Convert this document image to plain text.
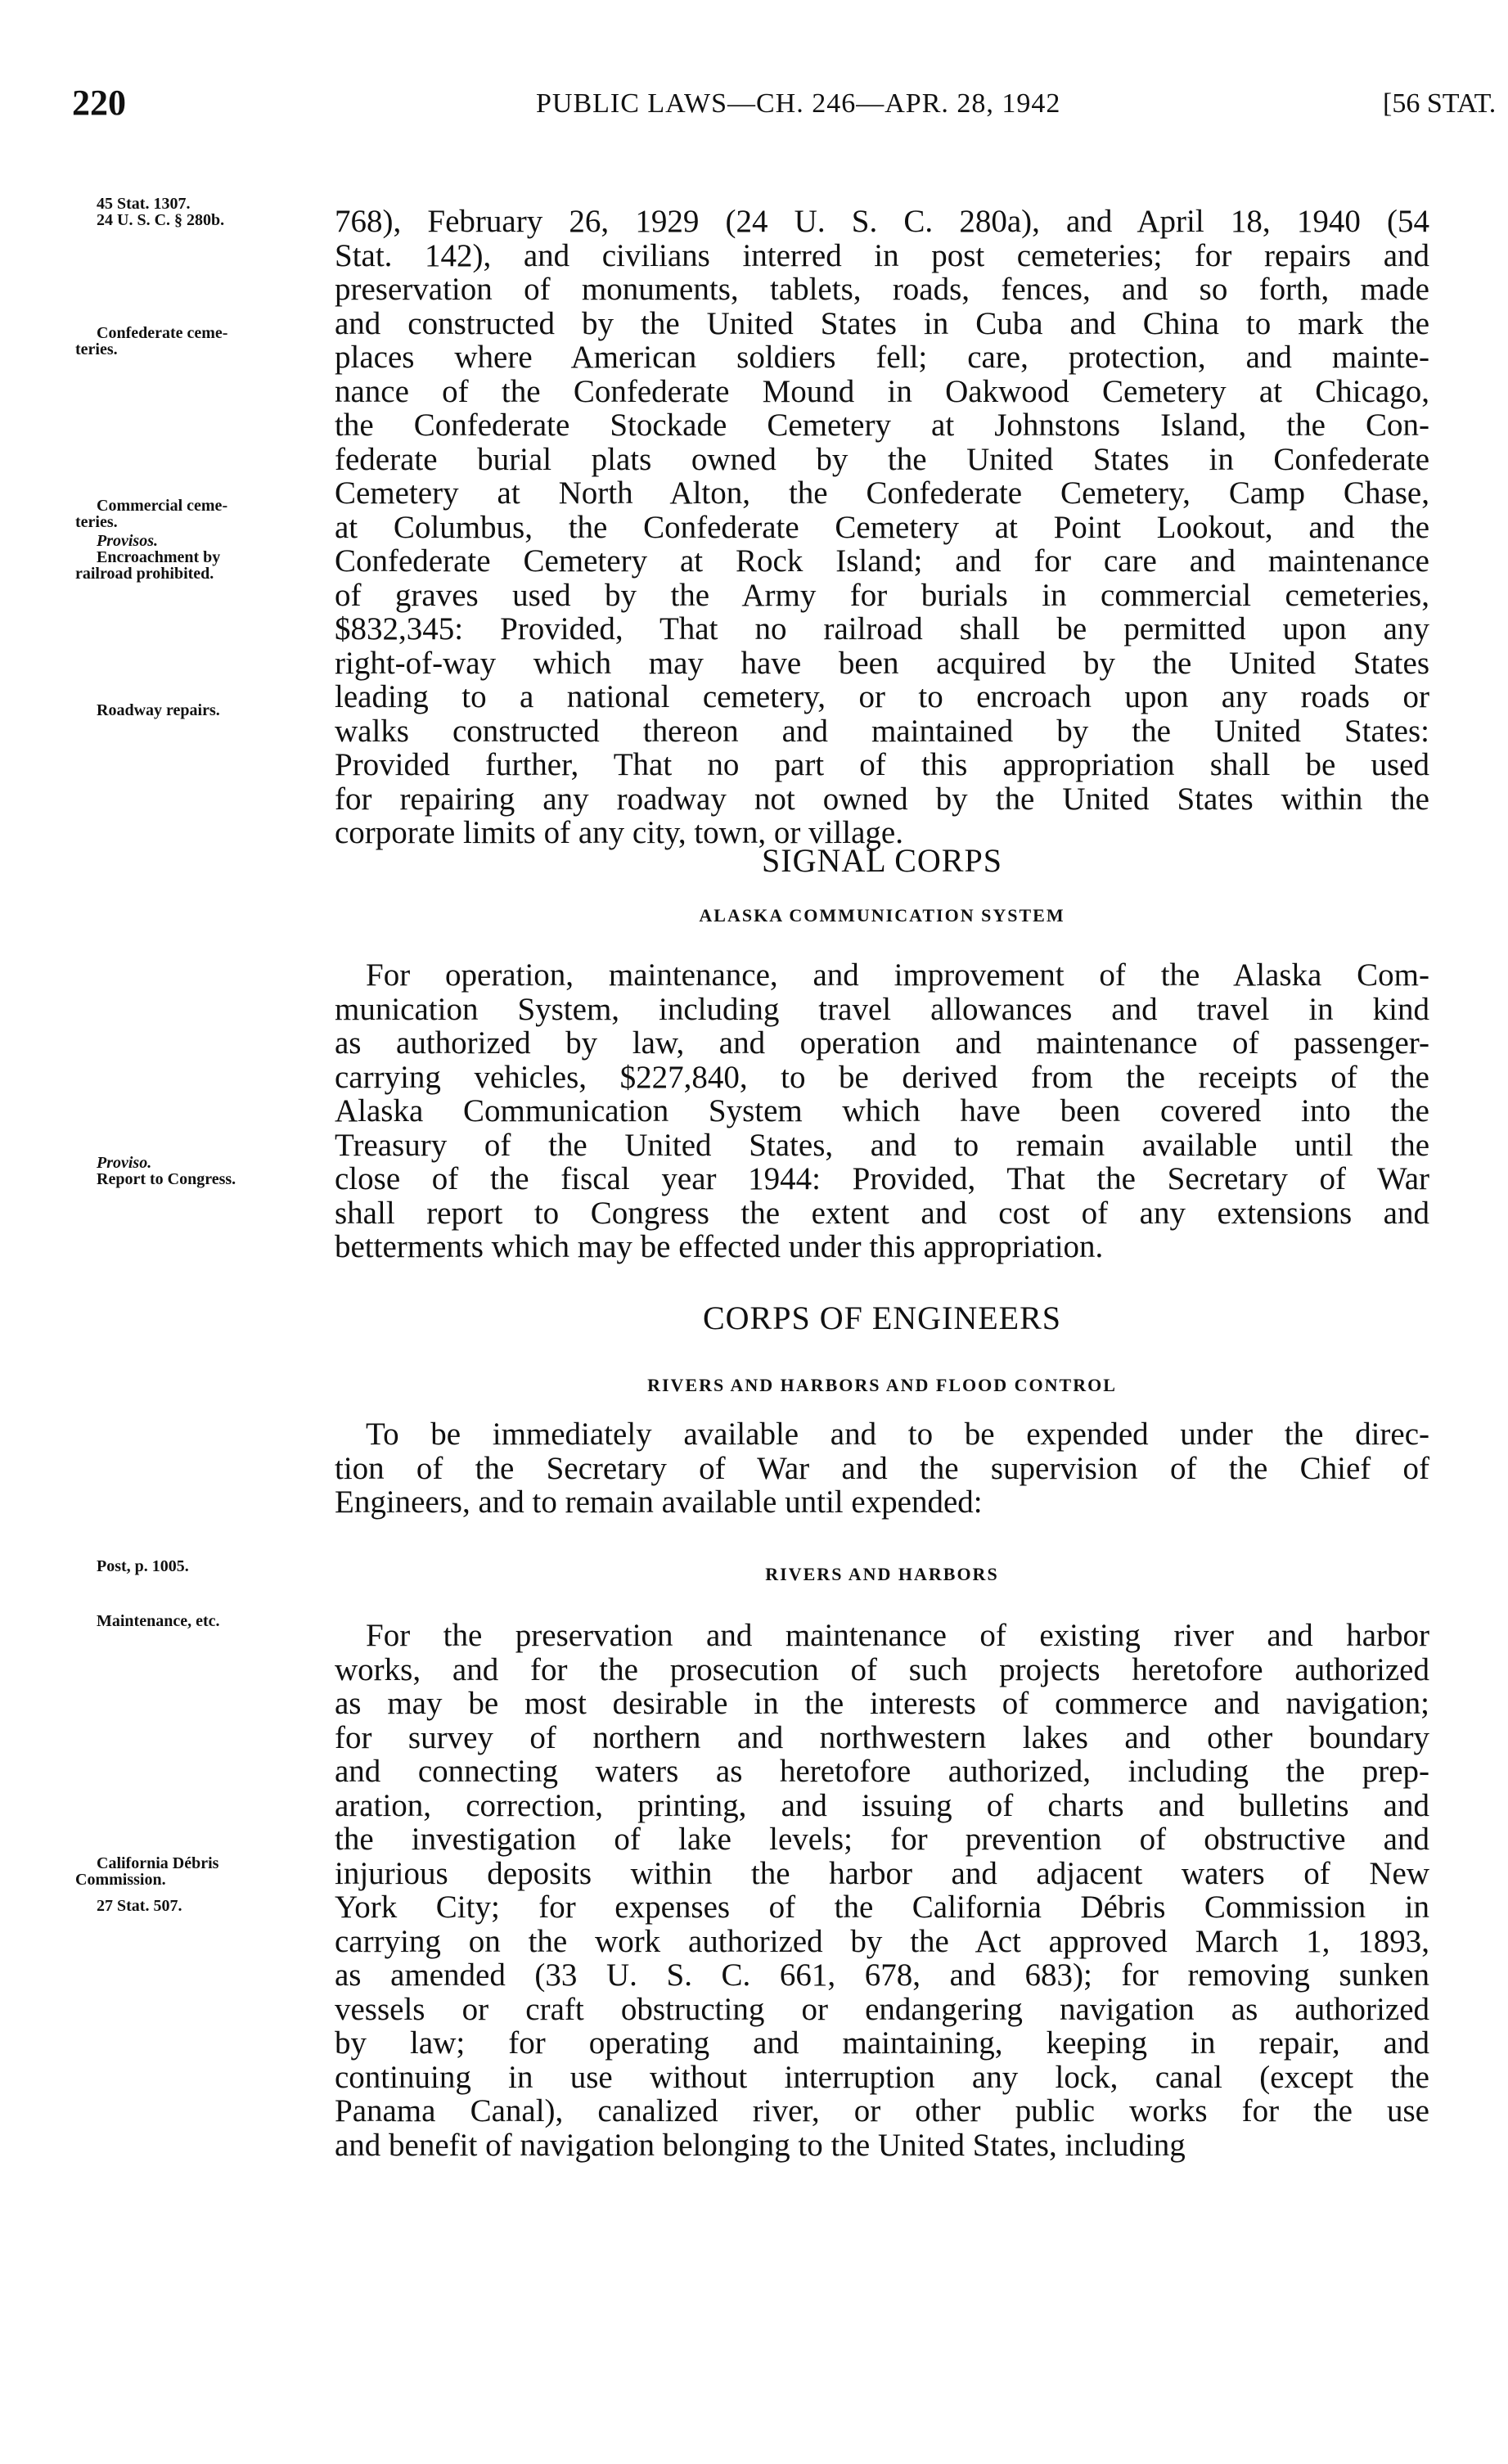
220	PUBLIC LAWS—CH. 246—APR. 28, 1942	[56 STAT.
SIGNAL CORPS
ALASKA COMMUNICATION SYSTEM
CORPS OF ENGINEERS
RIVERS AND HARBORS AND FLOOD CONTROL
RIVERS AND HARBORS
768), February 26, 1929 (24 U. S. C. 280a), and April 18, 1940 (54
Stat. 142), and civilians interred in post cemeteries; for repairs and
preservation of monuments, tablets, roads, fences, and so forth, made
and constructed by the United States in Cuba and China to mark the
places where American soldiers fell; care, protection, and mainte-
nance of the Confederate Mound in Oakwood Cemetery at Chicago,
the Confederate Stockade Cemetery at Johnstons Island, the Con-
federate burial plats owned by the United States in Confederate
Cemetery at North Alton, the Confederate Cemetery, Camp Chase,
at Columbus, the Confederate Cemetery at Point Lookout, and the
Confederate Cemetery at Rock Island; and for care and maintenance
of graves used by the Army for burials in commercial cemeteries,
$832,345: Provided, That no railroad shall be permitted upon any
right-of-way which may have been acquired by the United States
leading to a national cemetery, or to encroach upon any roads or
walks constructed thereon and maintained by the United States:
Provided further, That no part of this appropriation shall be used
for repairing any roadway not owned by the United States within the
corporate limits of any city, town, or village.
For operation, maintenance, and improvement of the Alaska Com-
munication System, including travel allowances and travel in kind
as authorized by law, and operation and maintenance of passenger-
carrying vehicles, $227,840, to be derived from the receipts of the
Alaska Communication System which have been covered into the
Treasury of the United States, and to remain available until the
close of the fiscal year 1944: Provided, That the Secretary of War
shall report to Congress the extent and cost of any extensions and
betterments which may be effected under this appropriation.
To be immediately available and to be expended under the direc-
tion of the Secretary of War and the supervision of the Chief of
Engineers, and to remain available until expended:
For the preservation and maintenance of existing river and harbor
works, and for the prosecution of such projects heretofore authorized
as may be most desirable in the interests of commerce and navigation;
for survey of northern and northwestern lakes and other boundary
and connecting waters as heretofore authorized, including the prep-
aration, correction, printing, and issuing of charts and bulletins and
the investigation of lake levels; for prevention of obstructive and
injurious deposits within the harbor and adjacent waters of New
York City; for expenses of the California Débris Commission in
carrying on the work authorized by the Act approved March 1, 1893,
as amended (33 U. S. C. 661, 678, and 683); for removing sunken
vessels or craft obstructing or endangering navigation as authorized
by law; for operating and maintaining, keeping in repair, and
continuing in use without interruption any lock, canal (except the
Panama Canal), canalized river, or other public works for the use
and benefit of navigation belonging to the United States, including
45 Stat. 1307.
24 U. S. C. § 280b.
Confederate ceme-
teries.
Commercial ceme-
teries.
Provisos.
Encroachment by
railroad prohibited.
Roadway repairs.
Proviso.
Report to Congress.
Post, p. 1005.
Maintenance, etc.
California Débris
Commission.
27 Stat. 507.
